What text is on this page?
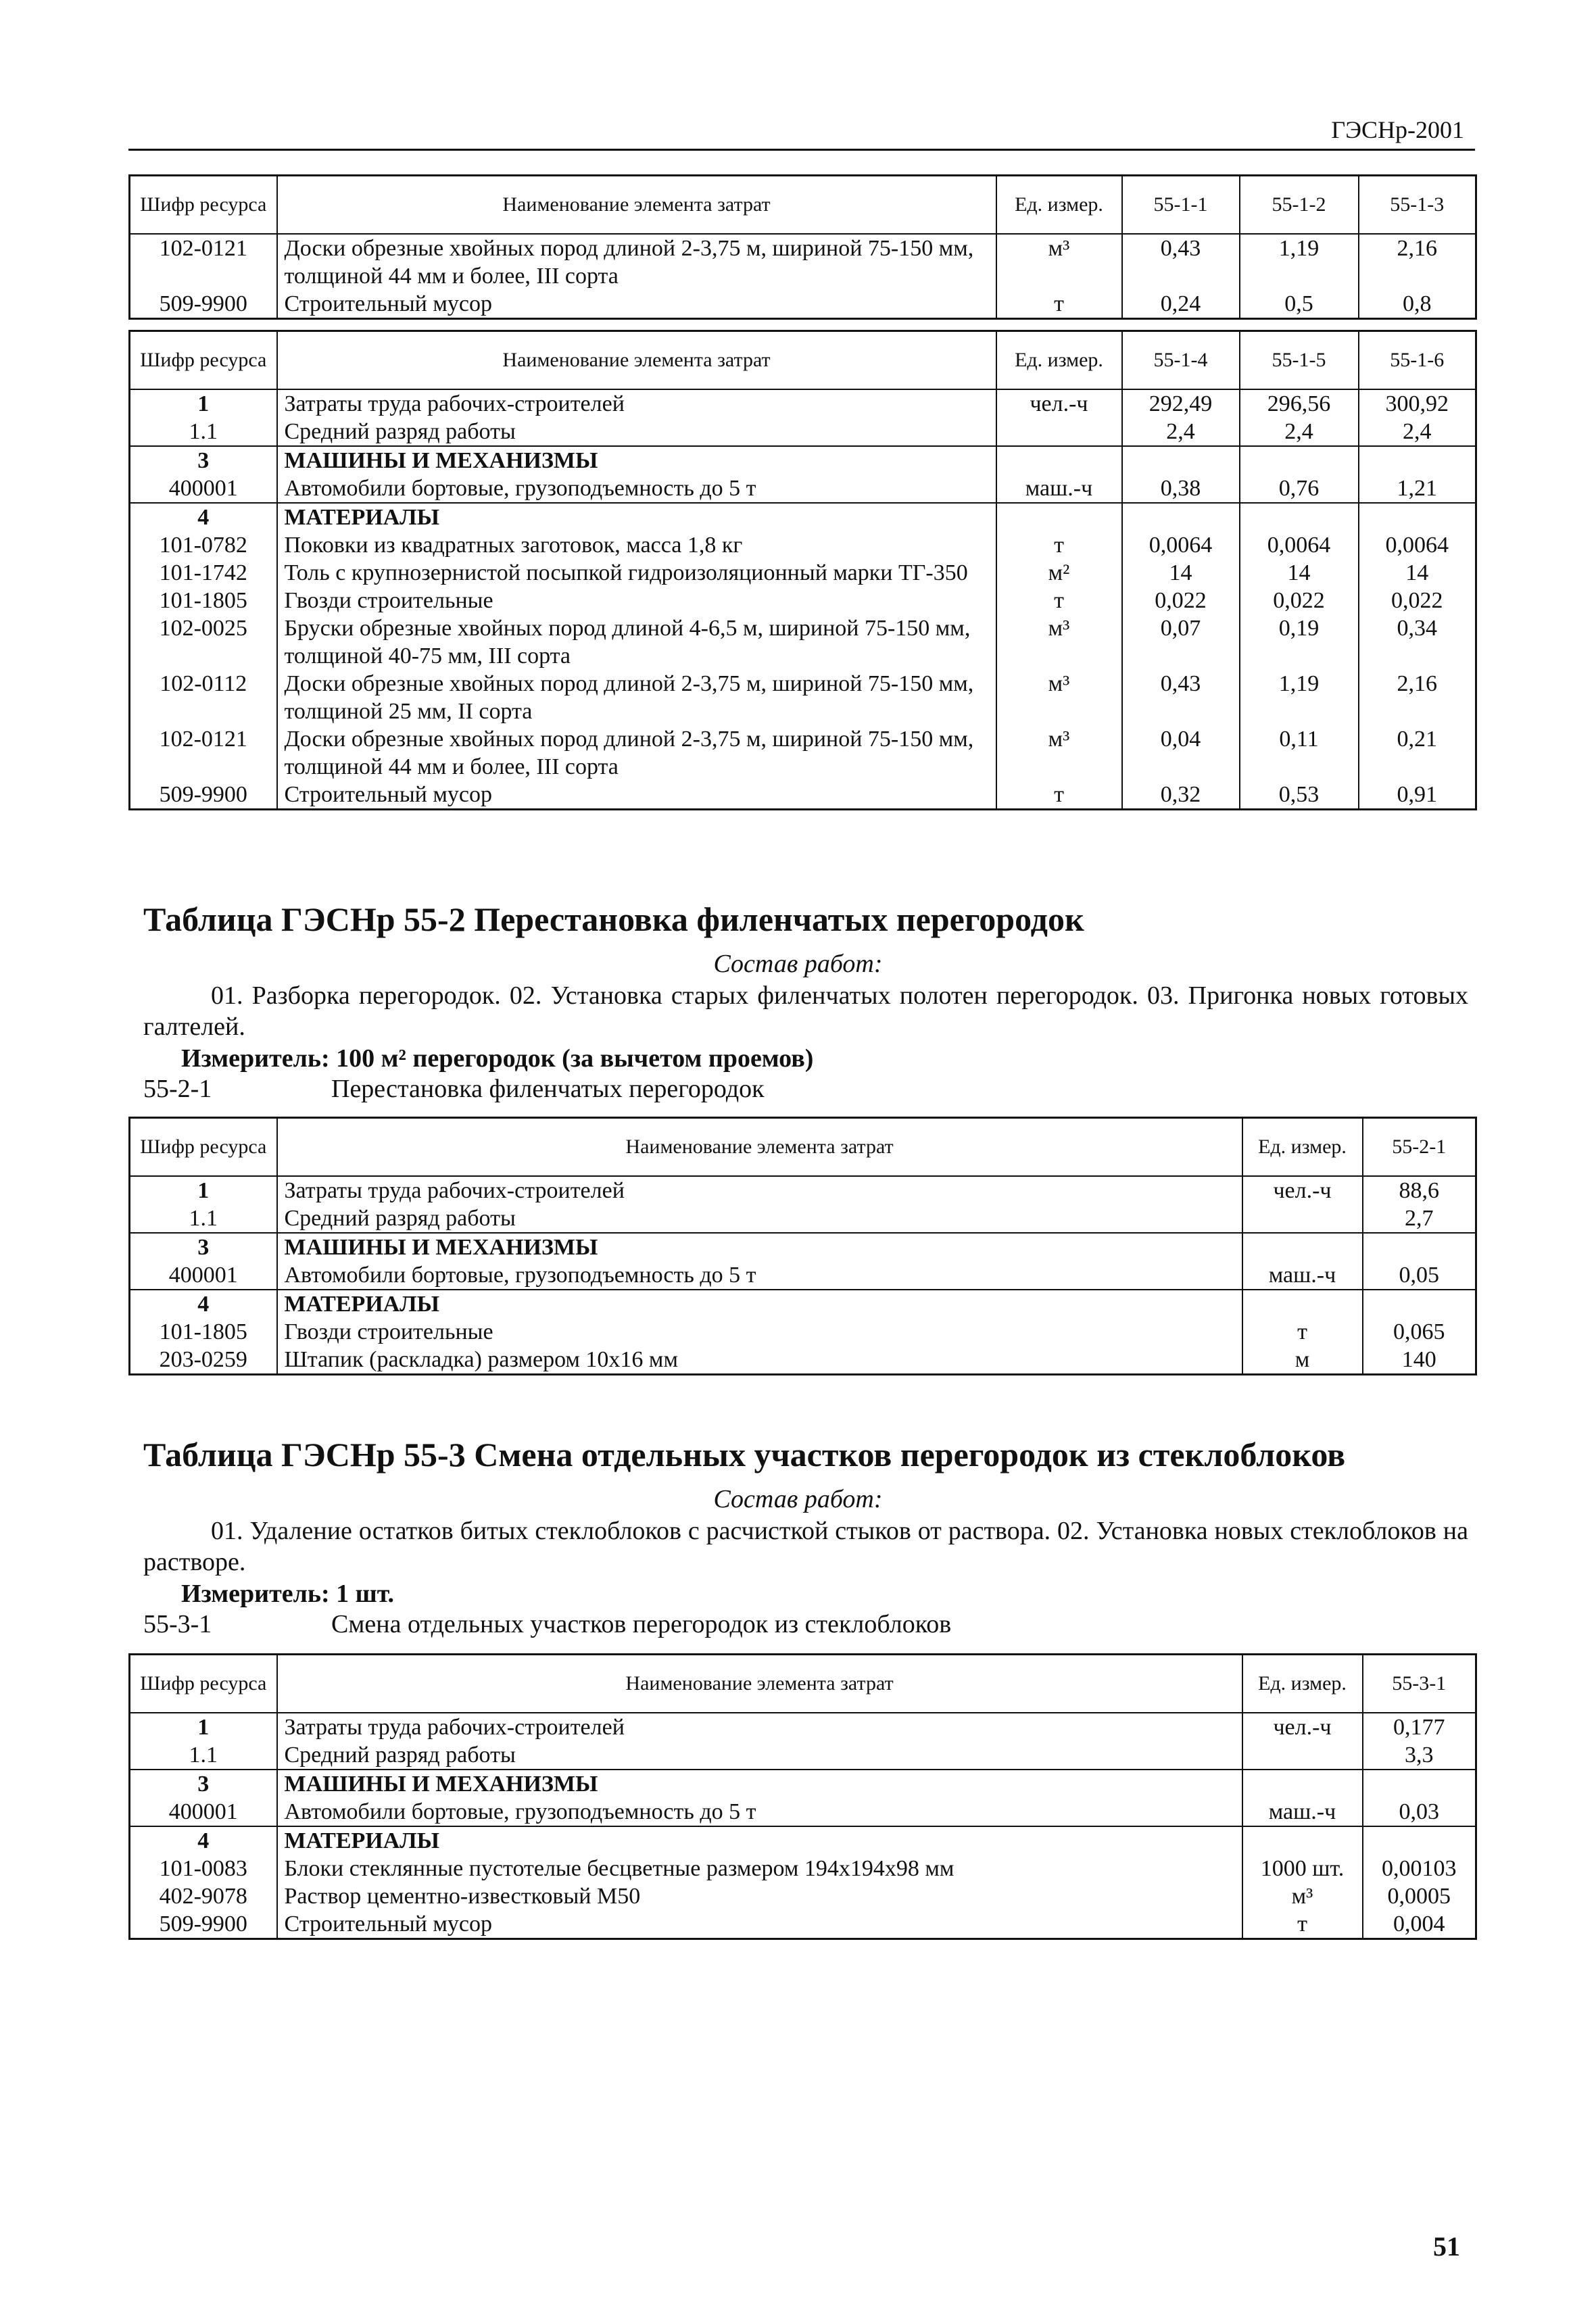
ГЭСНр-2001
Шифр ресурса	Наименование элемента затрат	Ед. измер.	55-1-1	55-1-2	55-1-3
102-0121	Доски обрезные хвойных пород длиной 2-3,75 м, шириной 75-150 мм, толщиной 44 мм и более, III сорта	м³	0,43	1,19	2,16
509-9900	Строительный мусор	т	0,24	0,5	0,8
Шифр ресурса	Наименование элемента затрат	Ед. измер.	55-1-4	55-1-5	55-1-6
1	Затраты труда рабочих-строителей	чел.-ч	292,49	296,56	300,92
1.1	Средний разряд работы		2,4	2,4	2,4
3	МАШИНЫ И МЕХАНИЗМЫ				
400001	Автомобили бортовые, грузоподъемность до 5 т	маш.-ч	0,38	0,76	1,21
4	МАТЕРИАЛЫ				
101-0782	Поковки из квадратных заготовок, масса 1,8 кг	т	0,0064	0,0064	0,0064
101-1742	Толь с крупнозернистой посыпкой гидроизоляционный марки ТГ-350	м²	14	14	14
101-1805	Гвозди строительные	т	0,022	0,022	0,022
102-0025	Бруски обрезные хвойных пород длиной 4-6,5 м, шириной 75-150 мм, толщиной 40-75 мм, III сорта	м³	0,07	0,19	0,34
102-0112	Доски обрезные хвойных пород длиной 2-3,75 м, шириной 75-150 мм, толщиной 25 мм, II сорта	м³	0,43	1,19	2,16
102-0121	Доски обрезные хвойных пород длиной 2-3,75 м, шириной 75-150 мм, толщиной 44 мм и более, III сорта	м³	0,04	0,11	0,21
509-9900	Строительный мусор	т	0,32	0,53	0,91
Таблица ГЭСНр 55-2 Перестановка филенчатых перегородок
Состав работ:
01. Разборка перегородок. 02. Установка старых филенчатых полотен перегородок. 03. Пригонка новых готовых галтелей.
Измеритель: 100 м² перегородок (за вычетом проемов)
55-2-1	Перестановка филенчатых перегородок
Шифр ресурса	Наименование элемента затрат	Ед. измер.	55-2-1
1	Затраты труда рабочих-строителей	чел.-ч	88,6
1.1	Средний разряд работы		2,7
3	МАШИНЫ И МЕХАНИЗМЫ		
400001	Автомобили бортовые, грузоподъемность до 5 т	маш.-ч	0,05
4	МАТЕРИАЛЫ		
101-1805	Гвозди строительные	т	0,065
203-0259	Штапик (раскладка) размером 10х16 мм	м	140
Таблица ГЭСНр 55-3 Смена отдельных участков перегородок из стеклоблоков
Состав работ:
01. Удаление остатков битых стеклоблоков с расчисткой стыков от раствора. 02. Установка новых стеклоблоков на растворе.
Измеритель: 1 шт.
55-3-1	Смена отдельных участков перегородок из стеклоблоков
Шифр ресурса	Наименование элемента затрат	Ед. измер.	55-3-1
1	Затраты труда рабочих-строителей	чел.-ч	0,177
1.1	Средний разряд работы		3,3
3	МАШИНЫ И МЕХАНИЗМЫ		
400001	Автомобили бортовые, грузоподъемность до 5 т	маш.-ч	0,03
4	МАТЕРИАЛЫ		
101-0083	Блоки стеклянные пустотелые бесцветные размером 194х194х98 мм	1000 шт.	0,00103
402-9078	Раствор цементно-известковый М50	м³	0,0005
509-9900	Строительный мусор	т	0,004
51
